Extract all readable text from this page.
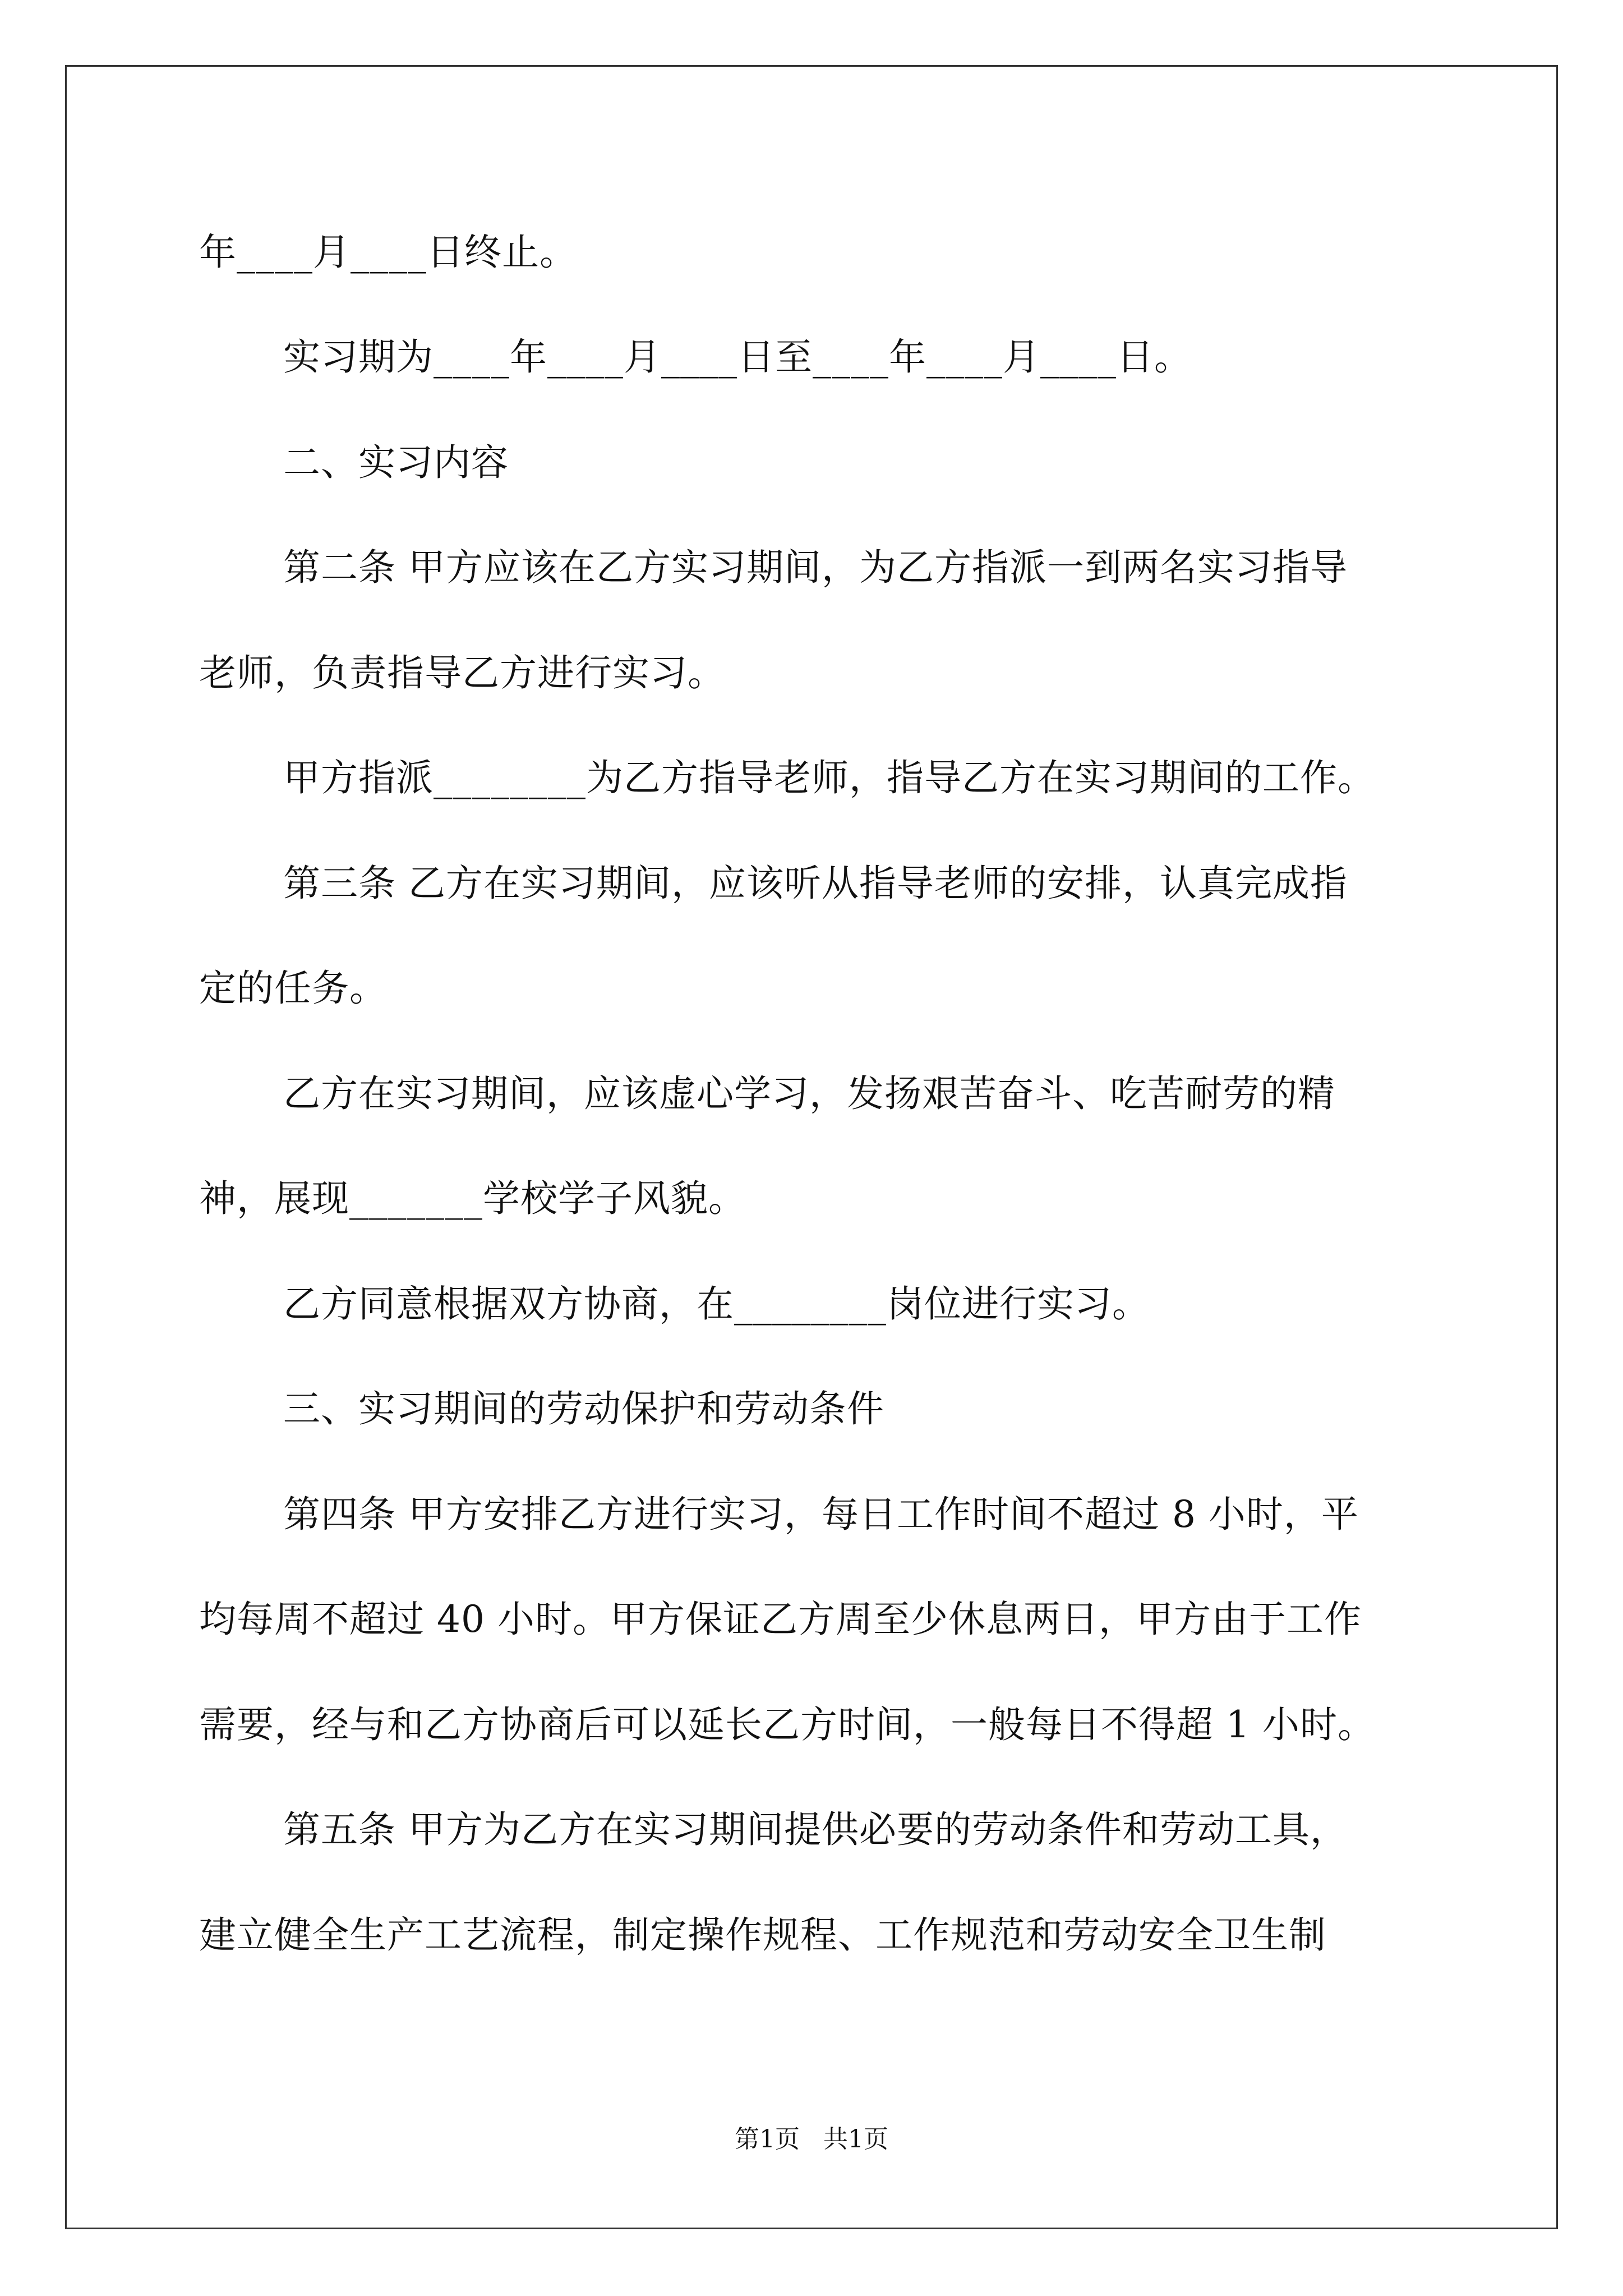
年____月____日终止。
实习期为____年____月____日至____年____月____日。
二、实习内容
第二条 甲方应该在乙方实习期间，为乙方指派一到两名实习指导
老师，负责指导乙方进行实习。
甲方指派________为乙方指导老师，指导乙方在实习期间的工作。
第三条 乙方在实习期间，应该听从指导老师的安排，认真完成指
定的任务。
乙方在实习期间，应该虚心学习，发扬艰苦奋斗、吃苦耐劳的精
神，展现_______学校学子风貌。
乙方同意根据双方协商，在________岗位进行实习。
三、实习期间的劳动保护和劳动条件
第四条 甲方安排乙方进行实习，每日工作时间不超过 8 小时，平
均每周不超过 40 小时。甲方保证乙方周至少休息两日，甲方由于工作
需要，经与和乙方协商后可以延长乙方时间，一般每日不得超 1 小时。
第五条 甲方为乙方在实习期间提供必要的劳动条件和劳动工具，
建立健全生产工艺流程，制定操作规程、工作规范和劳动安全卫生制
第1页   共1页
